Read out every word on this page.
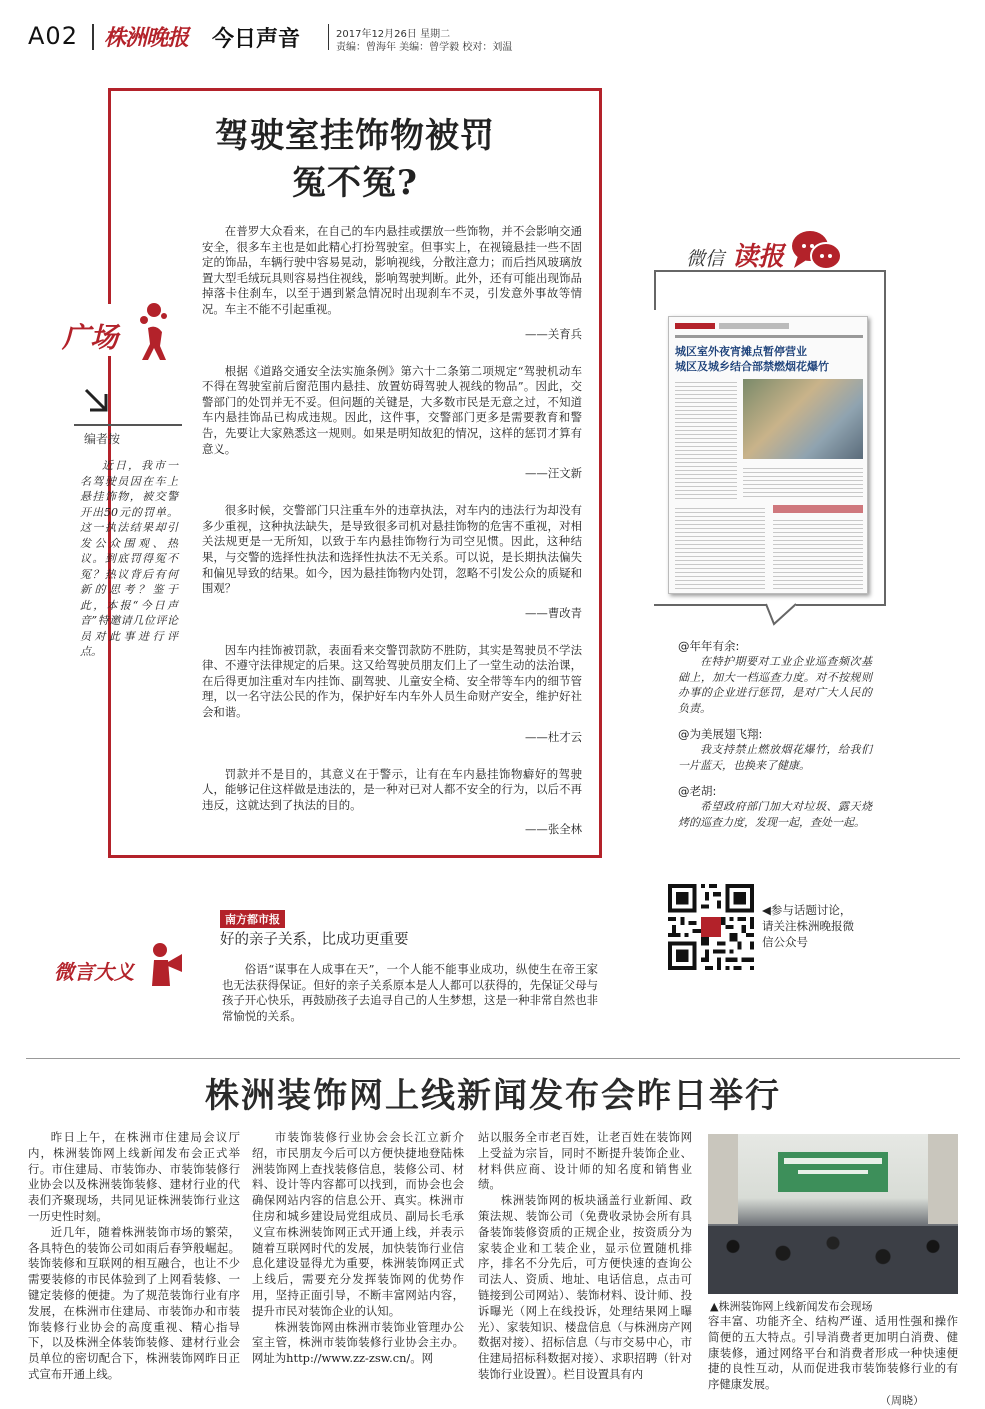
A02 株洲晚报 今日声音	2017年12月26日 星期二
责编：曾海年 美编：曾学毅 校对：刘温
驾驶室挂饰物被罚
冤不冤?
广场
编者按
近日，我市一名驾驶员因在车上悬挂饰物，被交警开出50元的罚单。这一执法结果却引发公众围观、热议。到底罚得冤不冤？热议背后有何新的思考？鉴于此，本报“今日声音”特邀请几位评论员对此事进行评点。

在普罗大众看来，在自己的车内悬挂或摆放一些饰物，并不会影响交通安全，很多车主也是如此精心打扮驾驶室。但事实上，在视镜悬挂一些不固定的饰品，车辆行驶中容易晃动，影响视线，分散注意力；而后挡风玻璃放置大型毛绒玩具则容易挡住视线，影响驾驶判断。此外，还有可能出现饰品掉落卡住刹车，以至于遇到紧急情况时出现刹车不灵，引发意外事故等情况。车主不能不引起重视。

——关育兵

根据《道路交通安全法实施条例》第六十二条第二项规定“驾驶机动车不得在驾驶室前后窗范围内悬挂、放置妨碍驾驶人视线的物品”。因此，交警部门的处罚并无不妥。但问题的关键是，大多数市民是无意之过，不知道车内悬挂饰品已构成违规。因此，这件事，交警部门更多是需要教育和警告，先要让大家熟悉这一规则。如果是明知故犯的情况，这样的惩罚才算有意义。

——汪文新

很多时候，交警部门只注重车外的违章执法，对车内的违法行为却没有多少重视，这种执法缺失，是导致很多司机对悬挂饰物的危害不重视，对相关法规更是一无所知，以致于车内悬挂饰物行为司空见惯。因此，这种结果，与交警的选择性执法和选择性执法不无关系。可以说，是长期执法偏失和偏见导致的结果。如今，因为悬挂饰物内处罚，忽略不引发公众的质疑和围观？

——曹改青

因车内挂饰被罚款，表面看来交警罚款防不胜防，其实是驾驶员不学法律、不遵守法律规定的后果。这又给驾驶员朋友们上了一堂生动的法治课，在后得更加注重对车内挂饰、副驾驶、儿童安全椅、安全带等车内的细节管理，以一名守法公民的作为，保护好车内车外人员生命财产安全，维护好社会和谐。

——杜才云

罚款并不是目的，其意义在于警示，让有在车内悬挂饰物癖好的驾驶人，能够记住这样做是违法的，是一种对已对人都不安全的行为，以后不再违反，这就达到了执法的目的。

——张全林
微信 读报
城区室外夜宵摊点暂停营业
城区及城乡结合部禁燃烟花爆竹
@年年有余:
在特护期要对工业企业巡查频次基础上，加大一档巡查力度。对不按规则办事的企业进行惩罚，是对广大人民的负责。
@为美展翅飞翔:
我支持禁止燃放烟花爆竹，给我们一片蓝天，也换来了健康。
@老胡:
希望政府部门加大对垃圾、露天烧烤的巡查力度，发现一起，查处一起。
◀参与话题讨论，请关注株洲晚报微信公众号
微言大义
南方都市报
好的亲子关系，比成功更重要

俗语“谋事在人成事在天”，一个人能不能事业成功，纵使生在帝王家也无法获得保证。但好的亲子关系原本是人人都可以获得的，先保证父母与孩子开心快乐，再鼓励孩子去追寻自己的人生梦想，这是一种非常自然也非常愉悦的关系。

株洲装饰网上线新闻发布会昨日举行

昨日上午，在株洲市住建局会议厅内，株洲装饰网上线新闻发布会正式举行。市住建局、市装饰办、市装饰装修行业协会以及株洲装饰装修、建材行业的代表们齐聚现场，共同见证株洲装饰行业这一历史性时刻。

近几年，随着株洲装饰市场的繁荣，各具特色的装饰公司如雨后春笋般崛起。装饰装修和互联网的相互融合，也让不少需要装修的市民体验到了上网看装修、一键定装修的便捷。为了规范装饰行业有序发展，在株洲市住建局、市装饰办和市装饰装修行业协会的高度重视、精心指导下，以及株洲全体装饰装修、建材行业会员单位的密切配合下，株洲装饰网昨日正式宣布开通上线。

市装饰装修行业协会会长江立新介绍，市民朋友今后可以方便快捷地登陆株洲装饰网上查找装修信息，装修公司、材料、设计等内容都可以找到，而协会也会确保网站内容的信息公开、真实。株洲市住房和城乡建设局党组成员、副局长毛承义宣布株洲装饰网正式开通上线，并表示随着互联网时代的发展，加快装饰行业信息化建设显得尤为重要，株洲装饰网正式上线后，需要充分发挥装饰网的优势作用，坚持正面引导，不断丰富网站内容，提升市民对装饰企业的认知。

株洲装饰网由株洲市装饰业管理办公室主管，株洲市装饰装修行业协会主办。网址为http://www.zz-zsw.cn/。网

站以服务全市老百姓，让老百姓在装饰网上受益为宗旨，同时不断提升装饰企业、材料供应商、设计师的知名度和销售业绩。

株洲装饰网的板块涵盖行业新闻、政策法规、装饰公司（免费收录协会所有具备装饰装修资质的正规企业，按资质分为家装企业和工装企业，显示位置随机排序，排名不分先后，可方便快速的查询公司法人、资质、地址、电话信息，点击可链接到公司网站）、装饰材料、设计师、投诉曝光（网上在线投诉，处理结果网上曝光）、家装知识、楼盘信息（与株洲房产网数据对接）、招标信息（与市交易中心，市住建局招标科数据对接）、求职招聘（针对装饰行业设置）。栏目设置具有内

▲株洲装饰网上线新闻发布会现场

容丰富、功能齐全、结构严谨、适用性强和操作简便的五大特点。引导消费者更加明白消费、健康装修，通过网络平台和消费者形成一种快速便捷的良性互动，从而促进我市装饰装修行业的有序健康发展。

（周晓）
